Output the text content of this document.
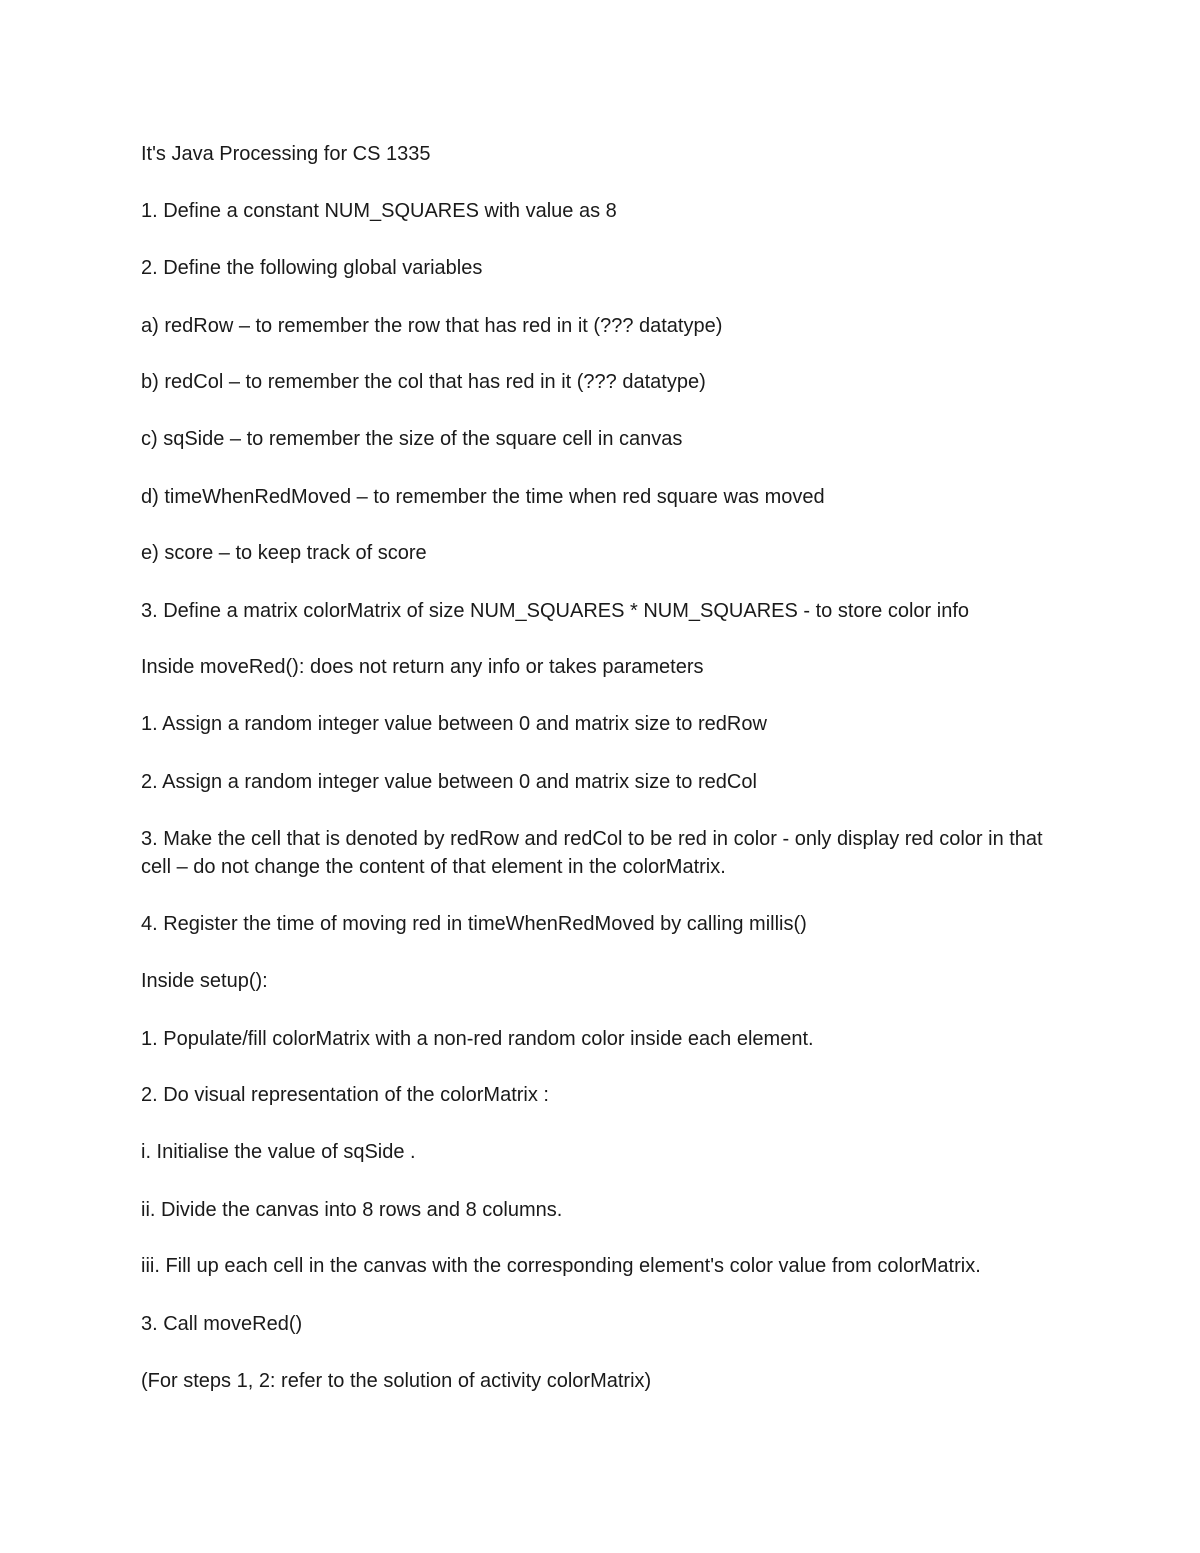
It's Java Processing for CS 1335

1. Define a constant NUM_SQUARES with value as 8

2. Define the following global variables

a) redRow – to remember the row that has red in it (??? datatype)

b) redCol – to remember the col that has red in it (??? datatype)

c) sqSide – to remember the size of the square cell in canvas

d) timeWhenRedMoved – to remember the time when red square was moved

e) score – to keep track of score

3. Define a matrix colorMatrix of size NUM_SQUARES * NUM_SQUARES - to store color info

Inside moveRed(): does not return any info or takes parameters

1. Assign a random integer value between 0 and matrix size to redRow

2. Assign a random integer value between 0 and matrix size to redCol

3. Make the cell that is denoted by redRow and redCol to be red in color - only display red color in that cell – do not change the content of that element in the colorMatrix.

4. Register the time of moving red in timeWhenRedMoved by calling millis()

Inside setup():

1. Populate/fill colorMatrix with a non-red random color inside each element.

2. Do visual representation of the colorMatrix :

i. Initialise the value of sqSide .

ii. Divide the canvas into 8 rows and 8 columns.

iii. Fill up each cell in the canvas with the corresponding element's color value from colorMatrix.

3. Call moveRed()

(For steps 1, 2: refer to the solution of activity colorMatrix)
